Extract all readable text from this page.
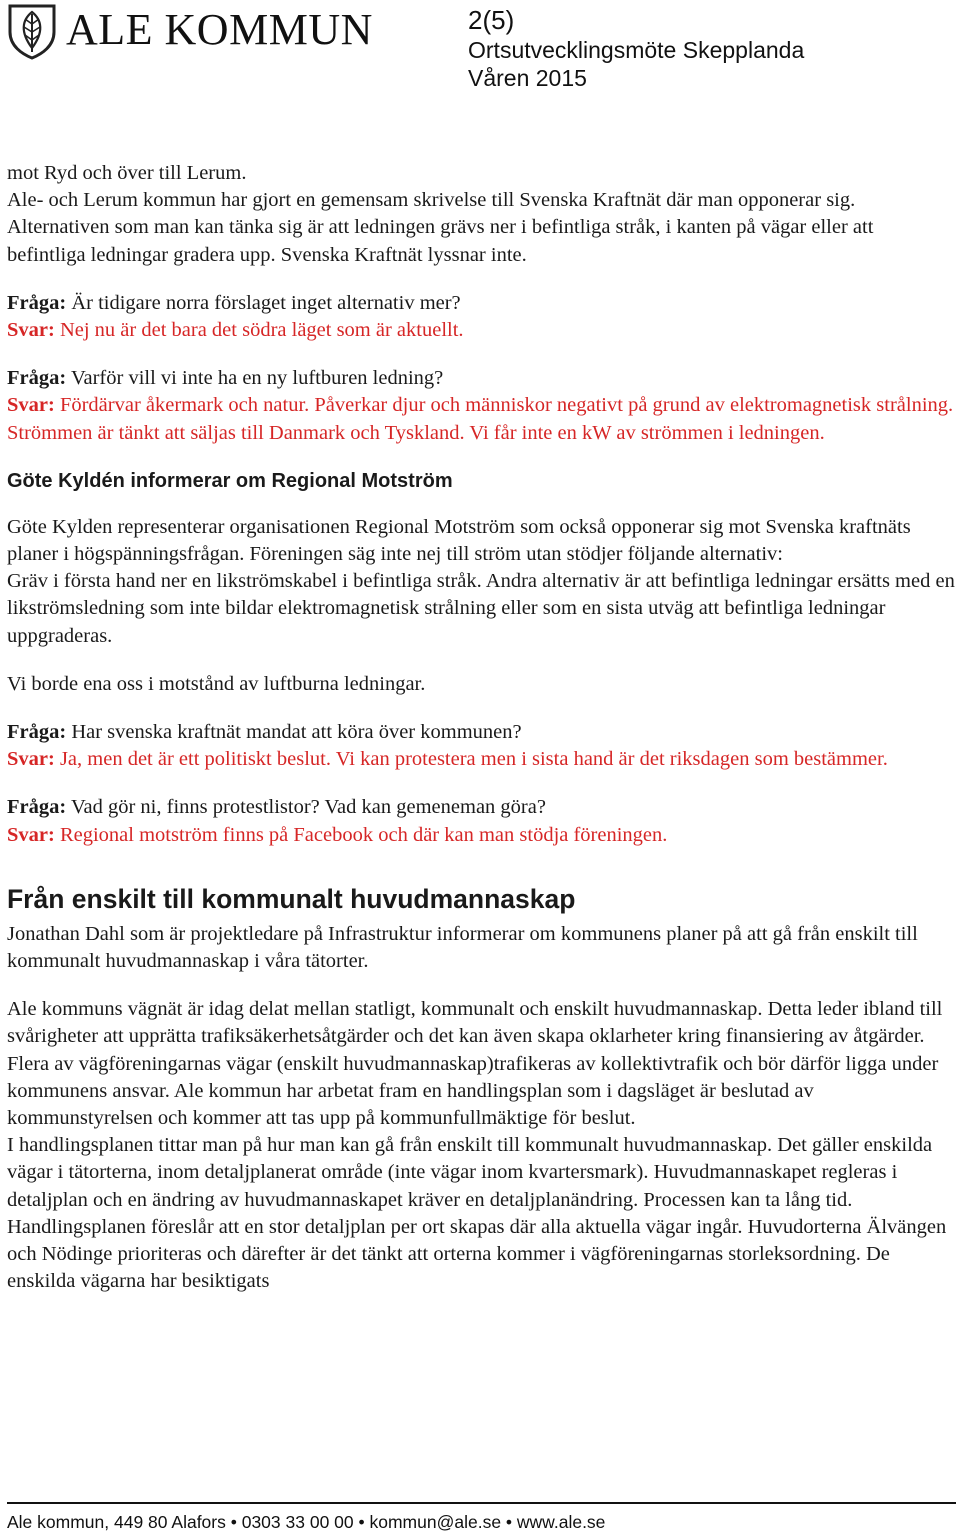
ALE KOMMUN	2(5)
Ortsutvecklingsmöte Skepplanda
Våren 2015

mot Ryd och över till Lerum.
Ale- och Lerum kommun har gjort en gemensam skrivelse till Svenska Kraftnät där man opponerar sig. Alternativen som man kan tänka sig är att ledningen grävs ner i befintliga stråk, i kanten på vägar eller att befintliga ledningar gradera upp. Svenska Kraftnät lyssnar inte.

Fråga: Är tidigare norra förslaget inget alternativ mer?
Svar: Nej nu är det bara det södra läget som är aktuellt.

Fråga: Varför vill vi inte ha en ny luftburen ledning?
Svar: Fördärvar åkermark och natur. Påverkar djur och människor negativt på grund av elektromagnetisk strålning. Strömmen är tänkt att säljas till Danmark och Tyskland. Vi får inte en kW av strömmen i ledningen.

Göte Kyldén informerar om Regional Motström

Göte Kylden representerar organisationen Regional Motström som också opponerar sig mot Svenska kraftnäts planer i högspänningsfrågan. Föreningen säg inte nej till ström utan stödjer följande alternativ:
Gräv i första hand ner en likströmskabel i befintliga stråk. Andra alternativ är att befintliga ledningar ersätts med en likströmsledning som inte bildar elektromagnetisk strålning eller som en sista utväg att befintliga ledningar uppgraderas.

Vi borde ena oss i motstånd av luftburna ledningar.

Fråga: Har svenska kraftnät mandat att köra över kommunen?
Svar: Ja, men det är ett politiskt beslut. Vi kan protestera men i sista hand är det riksdagen som bestämmer.

Fråga: Vad gör ni, finns protestlistor? Vad kan gemeneman göra?
Svar: Regional motström finns på Facebook och där kan man stödja föreningen.

Från enskilt till kommunalt huvudmannaskap

Jonathan Dahl som är projektledare på Infrastruktur informerar om kommunens planer på att gå från enskilt till kommunalt huvudmannaskap i våra tätorter.

Ale kommuns vägnät är idag delat mellan statligt, kommunalt och enskilt huvudmannaskap. Detta leder ibland till svårigheter att upprätta trafiksäkerhetsåtgärder och det kan även skapa oklarheter kring finansiering av åtgärder. Flera av vägföreningarnas vägar (enskilt huvudmannaskap)trafikeras av kollektivtrafik och bör därför ligga under kommunens ansvar. Ale kommun har arbetat fram en handlingsplan som i dagsläget är beslutad av kommunstyrelsen och kommer att tas upp på kommunfullmäktige för beslut.
I handlingsplanen tittar man på hur man kan gå från enskilt till kommunalt huvudmannaskap. Det gäller enskilda vägar i tätorterna, inom detaljplanerat område (inte vägar inom kvartersmark). Huvudmannaskapet regleras i detaljplan och en ändring av huvudmannaskapet kräver en detaljplanändring. Processen kan ta lång tid. Handlingsplanen föreslår att en stor detaljplan per ort skapas där alla aktuella vägar ingår. Huvudorterna Älvängen och Nödinge prioriteras och därefter är det tänkt att orterna kommer i vägföreningarnas storleksordning. De enskilda vägarna har besiktigats

Ale kommun, 449 80 Alafors • 0303 33 00 00 • kommun@ale.se • www.ale.se
